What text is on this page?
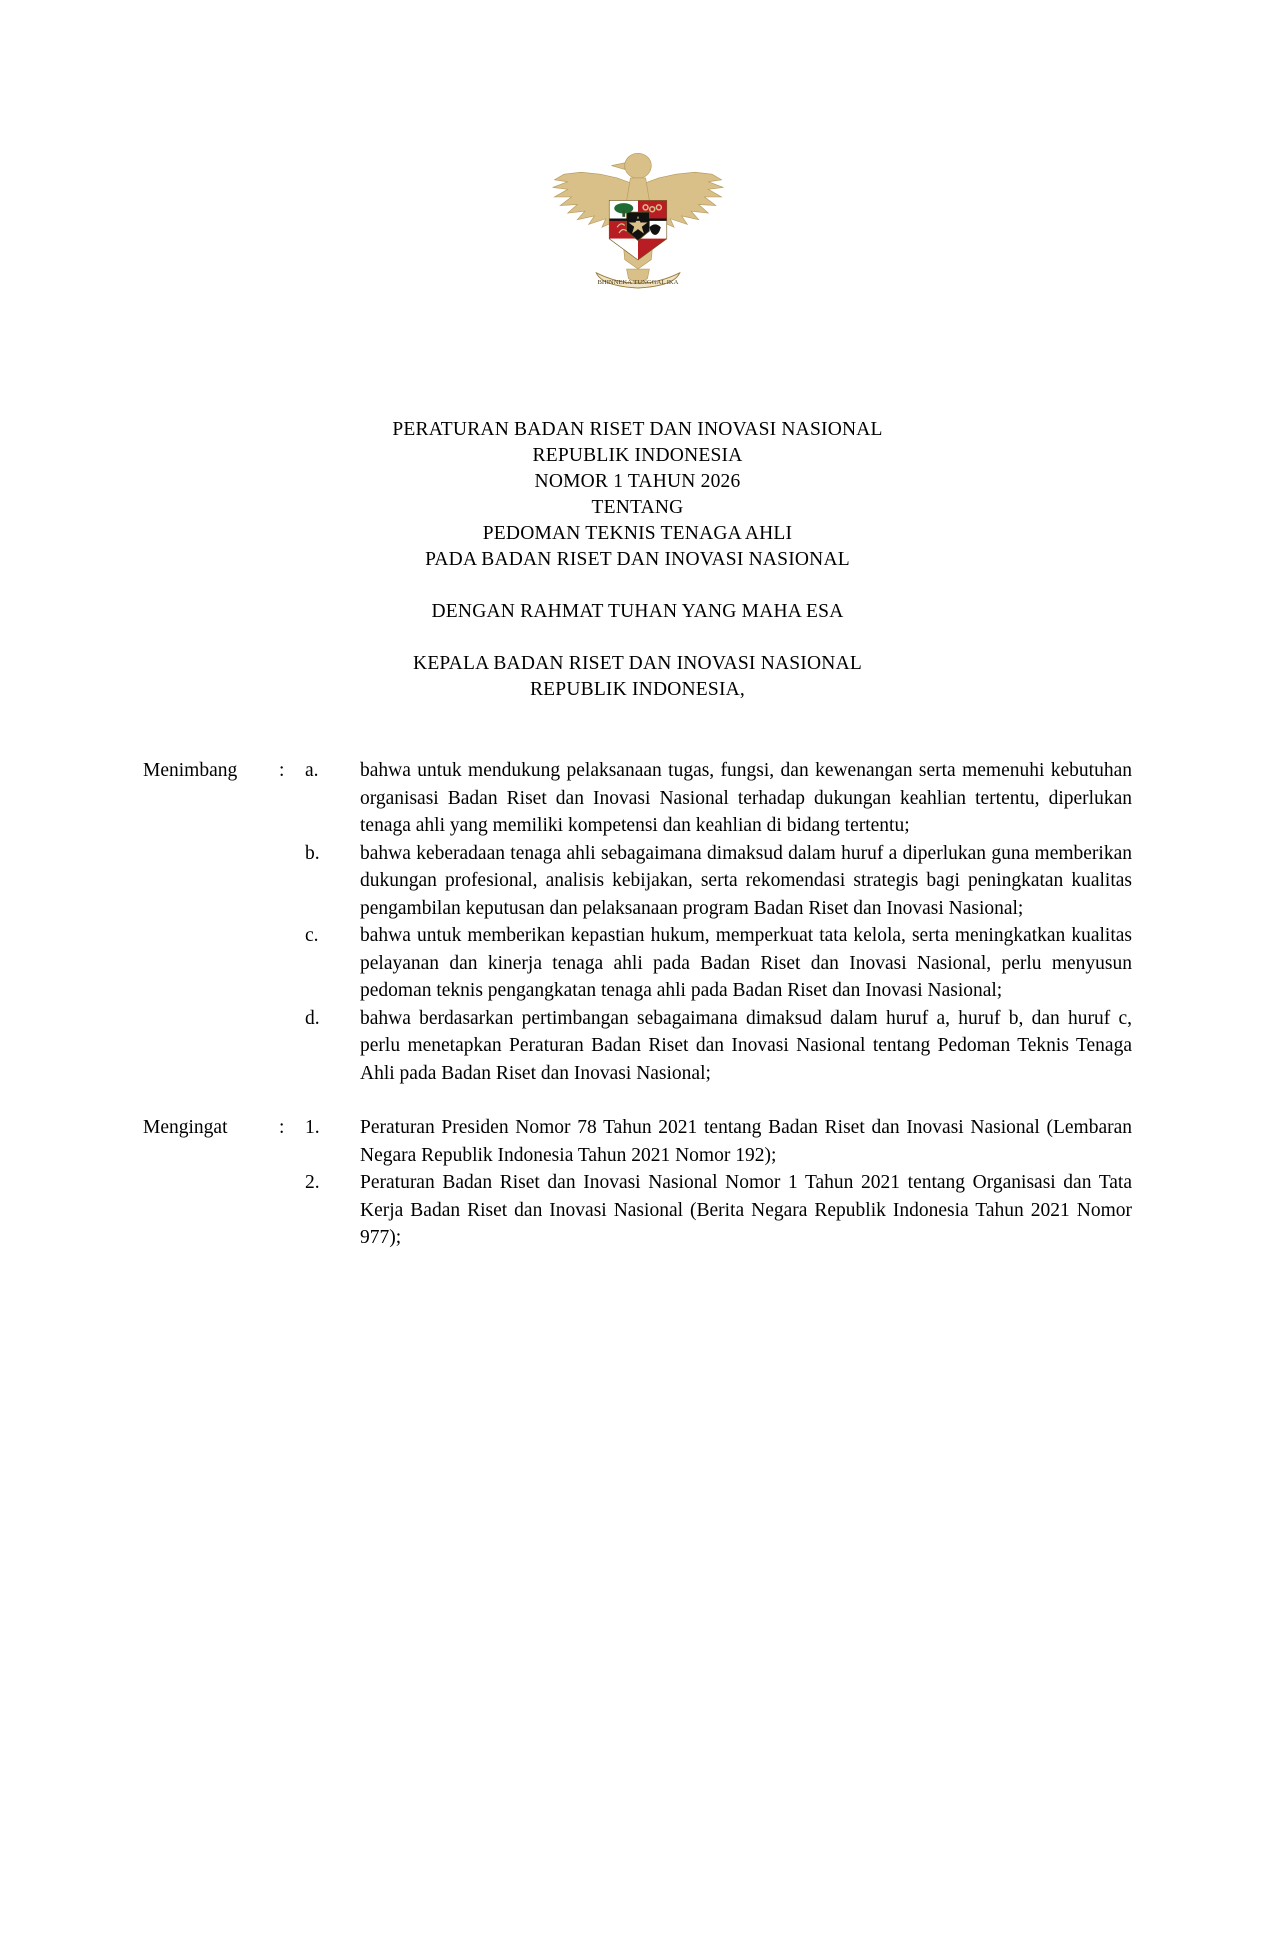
BHINNEKA TUNGGAL IKA
PERATURAN BADAN RISET DAN INOVASI NASIONAL
REPUBLIK INDONESIA
NOMOR 1 TAHUN 2026
TENTANG
PEDOMAN TEKNIS TENAGA AHLI
PADA BADAN RISET DAN INOVASI NASIONAL
DENGAN RAHMAT TUHAN YANG MAHA ESA
KEPALA BADAN RISET DAN INOVASI NASIONAL
REPUBLIK INDONESIA,
Menimbang	:	a.	bahwa untuk mendukung pelaksanaan tugas, fungsi, dan kewenangan serta memenuhi kebutuhan organisasi Badan Riset dan Inovasi Nasional terhadap dukungan keahlian tertentu, diperlukan tenaga ahli yang memiliki kompetensi dan keahlian di bidang tertentu;
b.	bahwa keberadaan tenaga ahli sebagaimana dimaksud dalam huruf a diperlukan guna memberikan dukungan profesional, analisis kebijakan, serta rekomendasi strategis bagi peningkatan kualitas pengambilan keputusan dan pelaksanaan program Badan Riset dan Inovasi Nasional;
c.	bahwa untuk memberikan kepastian hukum, memperkuat tata kelola, serta meningkatkan kualitas pelayanan dan kinerja tenaga ahli pada Badan Riset dan Inovasi Nasional, perlu menyusun pedoman teknis pengangkatan tenaga ahli pada Badan Riset dan Inovasi Nasional;
d.	bahwa berdasarkan pertimbangan sebagaimana dimaksud dalam huruf a, huruf b, dan huruf c, perlu menetapkan Peraturan Badan Riset dan Inovasi Nasional tentang Pedoman Teknis Tenaga Ahli pada Badan Riset dan Inovasi Nasional;
Mengingat	:	1.	Peraturan Presiden Nomor 78 Tahun 2021 tentang Badan Riset dan Inovasi Nasional (Lembaran Negara Republik Indonesia Tahun 2021 Nomor 192);
2.	Peraturan Badan Riset dan Inovasi Nasional Nomor 1 Tahun 2021 tentang Organisasi dan Tata Kerja Badan Riset dan Inovasi Nasional (Berita Negara Republik Indonesia Tahun 2021 Nomor 977);
